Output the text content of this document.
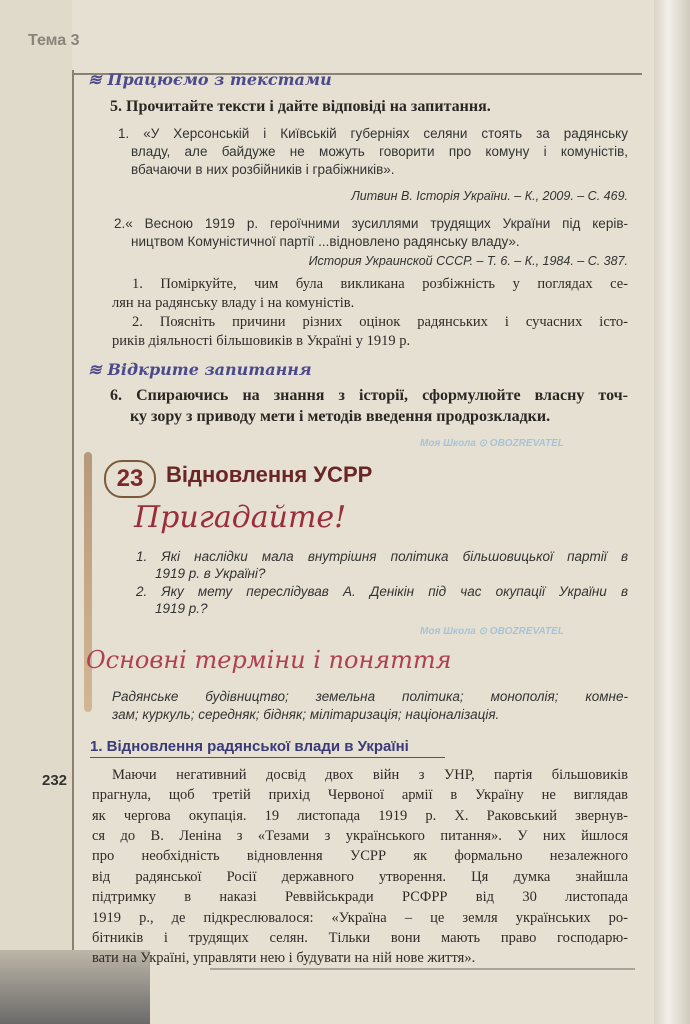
Моя Школа ⊙ OBOZREVATEL
Моя Школа ⊙ OBOZREVATEL
Тема 3
232
≋ Працюємо з текстами
5. Прочитайте тексти і дайте відповіді на запитання.
1. «У Херсонській і Київській губерніях селяни стоять за радянську
владу, але байдуже не можуть говорити про комуну і комуністів,
вбачаючи в них розбійників і грабіжників».
Литвин В. Історія України. – К., 2009. – С. 469.
2.« Весною 1919 р. героїчними зусиллями трудящих України під керів-
ництвом Комуністичної партії ...відновлено радянську владу».
История Украинской СССР. – Т. 6. – К., 1984. – С. 387.
1. Поміркуйте, чим була викликана розбіжність у поглядах се-
лян на радянську владу і на комуністів.
2. Поясніть причини різних оцінок радянських і сучасних істо-
риків діяльності більшовиків в Україні у 1919 р.
≋ Відкрите запитання
6. Спираючись на знання з історії, сформулюйте власну точ-
ку зору з приводу мети і методів введення продрозкладки.
23	Відновлення УСРР
Пригадайте!
1. Які наслідки мала внутрішня політика більшовицької партії в
1919 р. в Україні?
2. Яку мету переслідував А. Денікін під час окупації України в
1919 р.?
Основні терміни і поняття
Радянське будівництво; земельна політика; монополія; комне-
зам; куркуль; середняк; бідняк; мілітаризація; націоналізація.
1. Відновлення радянської влади в Україні
Маючи негативний досвід двох війн з УНР, партія більшовиків
прагнула, щоб третій прихід Червоної армії в Україну не виглядав
як чергова окупація. 19 листопада 1919 р. Х. Раковський звернув-
ся до В. Леніна з «Тезами з українського питання». У них йшлося
про необхідність відновлення УСРР як формально незалежного
від радянської Росії державного утворення. Ця думка знайшла
підтримку в наказі Реввійськради РСФРР від 30 листопада
1919 р., де підкреслювалося: «Україна – це земля українських ро-
бітників і трудящих селян. Тільки вони мають право господарю-
вати на Україні, управляти нею і будувати на ній нове життя».
